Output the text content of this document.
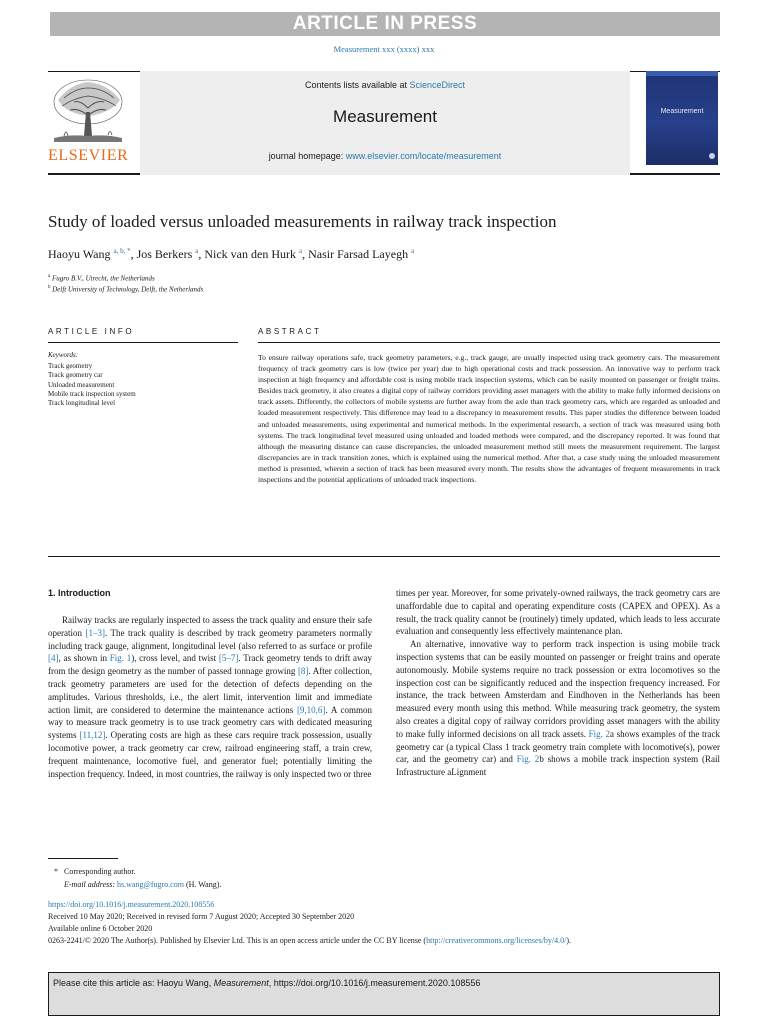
ARTICLE IN PRESS
Measurement xxx (xxxx) xxx
ELSEVIER
Contents lists available at ScienceDirect
Measurement
journal homepage: www.elsevier.com/locate/measurement
Measurement
Study of loaded versus unloaded measurements in railway track inspection
Haoyu Wang $^{a, b, *}$, Jos Berkers $^a$, Nick van den Hurk $^a$, Nasir Farsad Layegh $^a$
$^a$ Fugro B.V., Utrecht, the Netherlands
$^b$ Delft University of Technology, Delft, the Netherlands
ARTICLE INFO	ABSTRACT
Keywords:
Track geometry
Track geometry car
Unloaded measurement
Mobile track inspection system
Track longitudinal level
To ensure railway operations safe, track geometry parameters, e.g., track gauge, are usually inspected using track geometry cars. The measurement frequency of track geometry cars is low (twice per year) due to high operational costs and track possession. An innovative way to perform track inspection at high frequency and affordable cost is using mobile track inspection systems, which can be easily mounted on passenger or freight trains. Besides track geometry, it also creates a digital copy of railway corridors providing asset managers with the ability to make fully informed decisions on track assets. Differently, the collectors of mobile systems are further away from the axle than track geometry cars, which are regarded as unloaded and loaded measurement respectively. This difference may lead to a discrepancy in measurement results. This paper studies the difference between loaded and unloaded measurements, using experimental and numerical methods. In the experimental research, a section of track was measured using both systems. The track longitudinal level measured using unloaded and loaded methods were compared, and the discrepancy reported. It was found that although the measuring distance can cause discrepancies, the unloaded measurement method still meets the measurement requirement. The largest discrepancies are in track transition zones, which is explained using the numerical method. After that, a case study using the unloaded measurement method is presented, wherein a section of track has been measured every month. The results show the advantages of frequent measurements in track inspections and the potential applications of unloaded track inspections.
1. Introduction

Railway tracks are regularly inspected to assess the track quality and ensure their safe operation [1–3]. The track quality is described by track geometry parameters normally including track gauge, alignment, longitudinal level (also referred to as surface or profile [4], as shown in Fig. 1), cross level, and twist [5–7]. Track geometry tends to drift away from the design geometry as the number of passed tonnage growing [8]. After collection, track geometry parameters are used for the detection of defects depending on the amplitudes. Various thresholds, i.e., the alert limit, intervention limit and immediate action limit, are considered to determine the maintenance actions [9,10,6]. A common way to measure track geometry is to use track geometry cars with dedicated measuring systems [11,12]. Operating costs are high as these cars require track possession, usually locomotive power, a track geometry car crew, railroad engineering staff, a train crew, frequent maintenance, locomotive fuel, and generator fuel; potentially limiting the inspection frequency. Indeed, in most countries, the railway is only inspected two or three

times per year. Moreover, for some privately-owned railways, the track geometry cars are unaffordable due to capital and operating expenditure costs (CAPEX and OPEX). As a result, the track quality cannot be (routinely) timely updated, which leads to less accurate evaluation and consequently less effectively maintenance plan.

An alternative, innovative way to perform track inspection is using mobile track inspection systems that can be easily mounted on passenger or freight trains and operate autonomously. Mobile systems require no track possession or extra locomotives so the inspection cost can be significantly reduced and the inspection frequency increased. For instance, the track between Amsterdam and Eindhoven in the Netherlands has been measured every month using this method. While measuring track geometry, the system also creates a digital copy of railway corridors providing asset managers with the ability to make fully informed decisions on all track assets. Fig. 2a shows examples of the track geometry car (a typical Class 1 track geometry train complete with locomotive(s), power car, and the geometry car) and Fig. 2b shows a mobile track inspection system (Rail Infrastructure aLignment

* Corresponding author.
E-mail address: hs.wang@fugro.com (H. Wang).
https://doi.org/10.1016/j.measurement.2020.108556
Received 10 May 2020; Received in revised form 7 August 2020; Accepted 30 September 2020
Available online 6 October 2020
0263-2241/© 2020 The Author(s). Published by Elsevier Ltd. This is an open access article under the CC BY license (http://creativecommons.org/licenses/by/4.0/).
Please cite this article as: Haoyu Wang, Measurement, https://doi.org/10.1016/j.measurement.2020.108556
